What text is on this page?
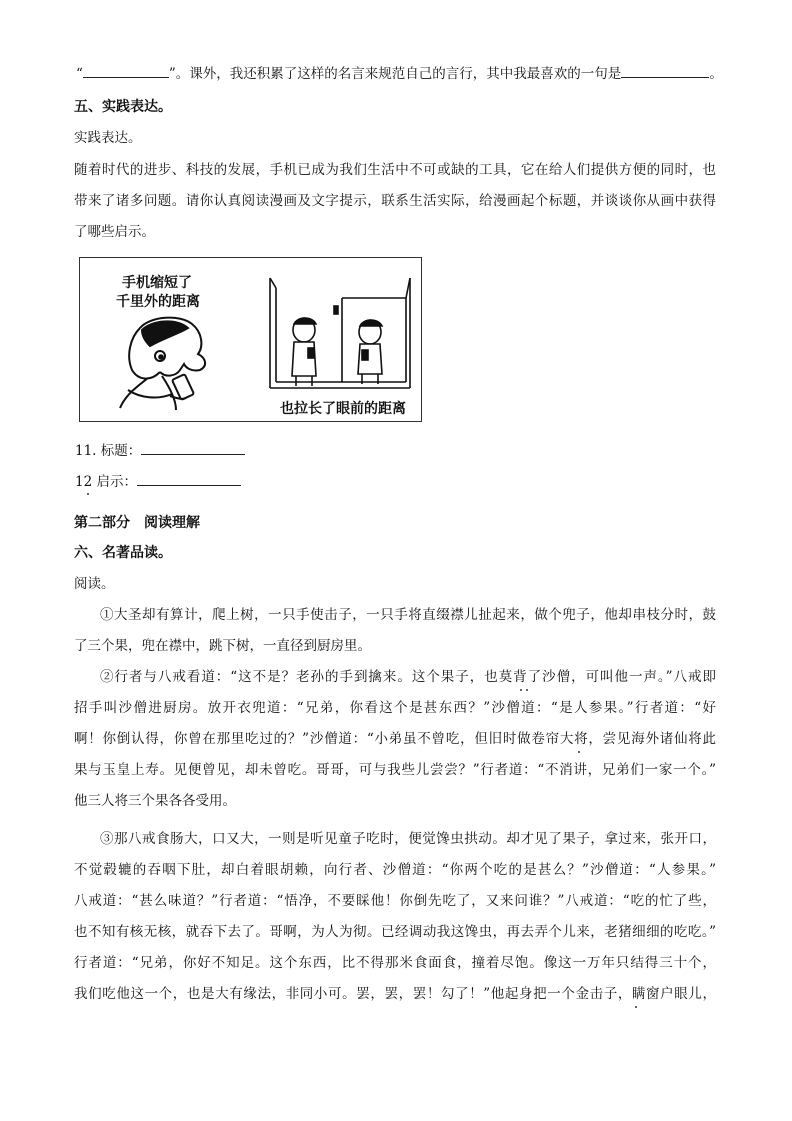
“	”。课外，我还积累了这样的名言来规范自己的言行，其中我最喜欢的一句是	。
五、实践表达。
实践表达。
随着时代的进步、科技的发展，手机已成为我们生活中不可或缺的工具，它在给人们提供方便的同时，也
带来了诸多问题。请你认真阅读漫画及文字提示，联系生活实际，给漫画起个标题，并谈谈你从画中获得
了哪些启示。
手机缩短了
千里外的距离
也拉长了眼前的距离
11. 标题：
12 启示：
第二部分　阅读理解
六、名著品读。
阅读。
①大圣却有算计，爬上树，一只手使击子，一只手将直缀襟儿扯起来，做个兜子，他却串枝分时，鼓
了三个果，兜在襟中，跳下树，一直径到厨房里。
②行者与八戒看道：“这不是？老孙的手到擒来。这个果子，也莫背了沙僧，可叫他一声。”八戒即
招手叫沙僧进厨房。放开衣兜道：“兄弟，你看这个是甚东西？”沙僧道：“是人参果。”行者道：“好
啊！你倒认得，你曾在那里吃过的？”沙僧道：“小弟虽不曾吃，但旧时做卷帘大将，尝见海外诸仙将此
果与玉皇上寿。见便曾见，却未曾吃。哥哥，可与我些儿尝尝？”行者道：“不消讲，兄弟们一家一个。”
他三人将三个果各各受用。
③那八戒食肠大，口又大，一则是听见童子吃时，便觉馋虫拱动。却才见了果子，拿过来，张开口，
不觉毂辘的吞咽下肚，却白着眼胡赖，向行者、沙僧道：“你两个吃的是甚么？”沙僧道：“人参果。”
八戒道：“甚么味道？”行者道：“悟净，不要睬他！你倒先吃了，又来问谁？”八戒道：“吃的忙了些，
也不知有核无核，就吞下去了。哥啊，为人为彻。已经调动我这馋虫，再去弄个儿来，老猪细细的吃吃。”
行者道：“兄弟，你好不知足。这个东西，比不得那米食面食，撞着尽饱。像这一万年只结得三十个，
我们吃他这一个，也是大有缘法，非同小可。罢，罢，罢！勾了！”他起身把一个金击子，瞒窗户眼儿，
